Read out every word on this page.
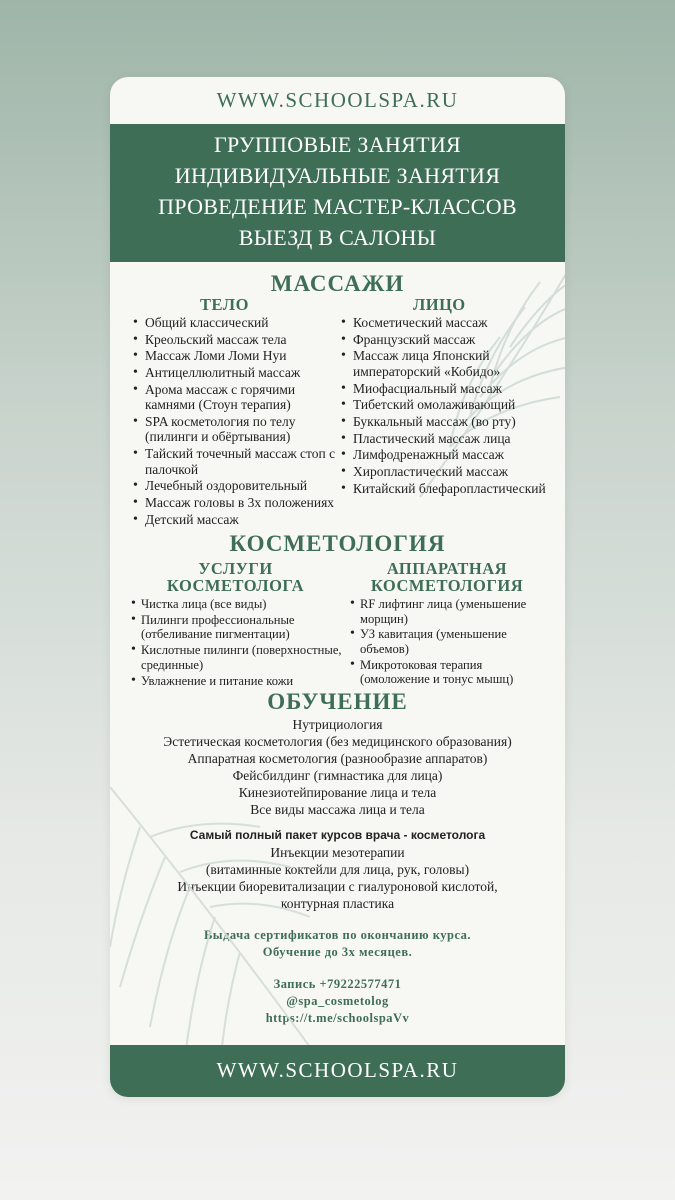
WWW.SCHOOLSPA.RU
ГРУППОВЫЕ ЗАНЯТИЯ
ИНДИВИДУАЛЬНЫЕ ЗАНЯТИЯ
ПРОВЕДЕНИЕ МАСТЕР-КЛАССОВ
ВЫЕЗД В САЛОНЫ
МАССАЖИ
ТЕЛО
• Общий классический
• Креольский массаж тела
• Массаж Ломи Ломи Нуи
• Антицеллюлитный массаж
• Арома массаж с горячими камнями (Стоун терапия)
• SPA косметология по телу (пилинги и обёртывания)
• Тайский точечный массаж стоп с палочкой
• Лечебный оздоровительный
• Массаж головы в 3х положениях
• Детский массаж
ЛИЦО
• Косметический массаж
• Французский массаж
• Массаж лица Японский императорский «Кобидо»
• Миофасциальный массаж
• Тибетский омолаживающий
• Буккальный массаж (во рту)
• Пластический массаж лица
• Лимфодренажный массаж
• Хиропластический массаж
• Китайский блефаропластический
КОСМЕТОЛОГИЯ
УСЛУГИ
КОСМЕТОЛОГА
• Чистка лица (все виды)
• Пилинги профессиональные (отбеливание пигментации)
• Кислотные пилинги (поверхностные, срединные)
• Увлажнение и питание кожи
АППАРАТНАЯ
КОСМЕТОЛОГИЯ
• RF лифтинг лица (уменьшение морщин)
• УЗ кавитация (уменьшение объемов)
• Микротоковая терапия (омоложение и тонус мышц)
ОБУЧЕНИЕ
Нутрициология
Эстетическая косметология (без медицинского образования)
Аппаратная косметология (разнообразие аппаратов)
Фейсбилдинг (гимнастика для лица)
Кинезиотейпирование лица и тела
Все виды массажа лица и тела
Самый полный пакет курсов врача - косметолога
Инъекции мезотерапии
(витаминные коктейли для лица, рук, головы)
Инъекции биоревитализации с гиалуроновой кислотой,
контурная пластика
Выдача сертификатов по окончанию курса.
Обучение до 3х месяцев.
Запись +79222577471
@spa_cosmetolog
https://t.me/schoolspaVv
WWW.SCHOOLSPA.RU
